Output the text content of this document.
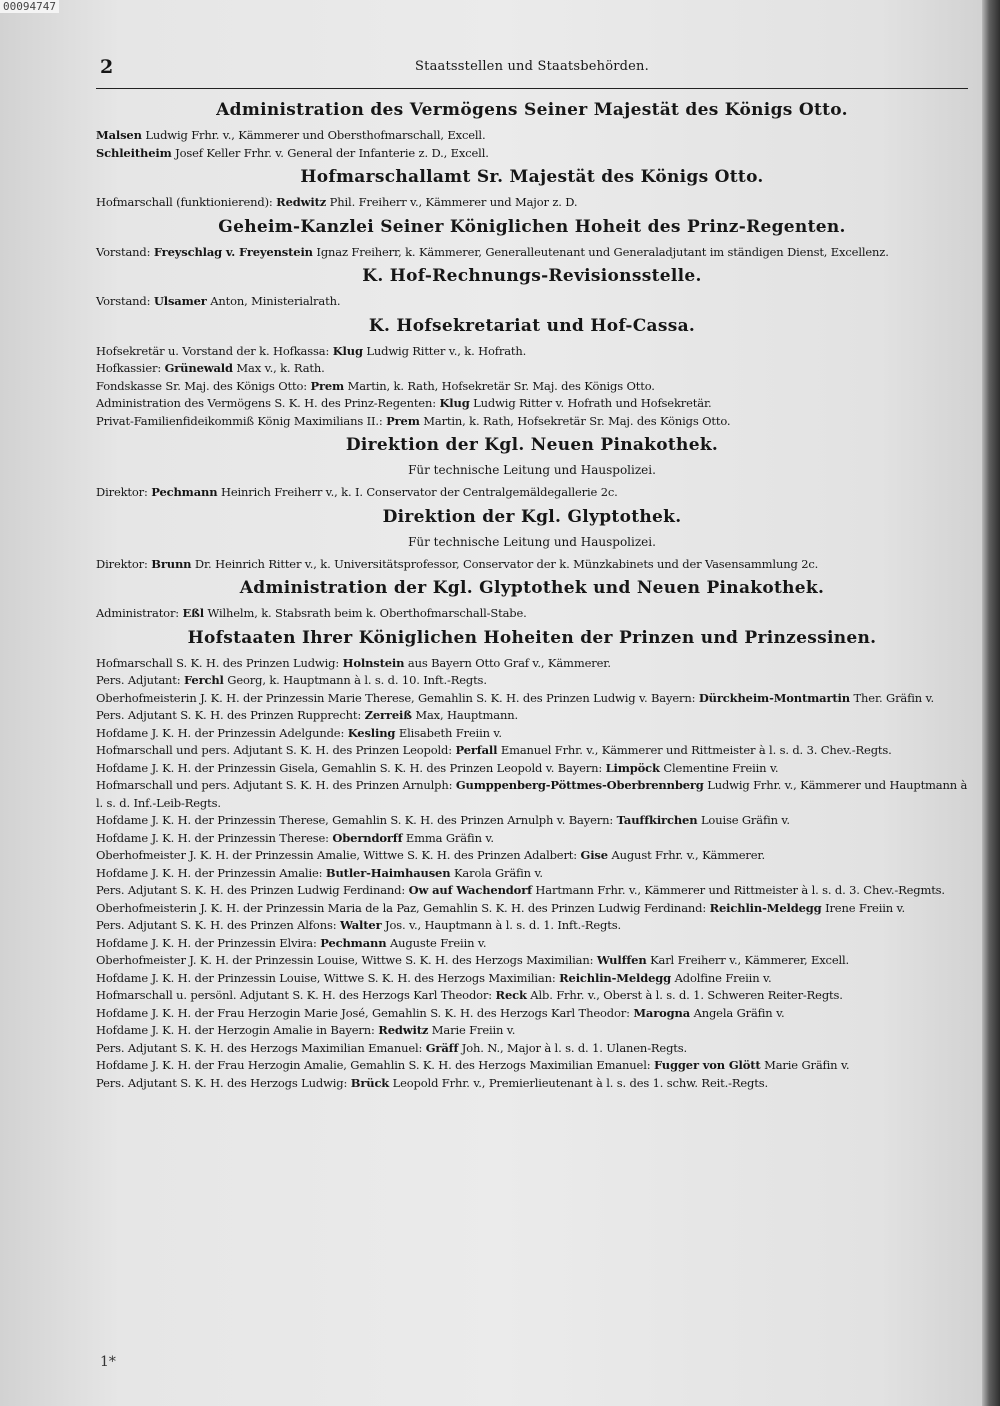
00094747
2	Staatsstellen und Staatsbehörden.
Administration des Vermögens Seiner Majestät des Königs Otto.

Malsen Ludwig Frhr. v., Kämmerer und Obersthofmarschall, Excell.

Schleitheim Josef Keller Frhr. v. General der Infanterie z. D., Excell.

Hofmarschallamt Sr. Majestät des Königs Otto.

Hofmarschall (funktionierend): Redwitz Phil. Freiherr v., Kämmerer und Major z. D.

Geheim-Kanzlei Seiner Königlichen Hoheit des Prinz-Regenten.

Vorstand: Freyschlag v. Freyenstein Ignaz Freiherr, k. Kämmerer, Generalleutenant und Generaladjutant im ständigen Dienst, Excellenz.

K. Hof-Rechnungs-Revisionsstelle.

Vorstand: Ulsamer Anton, Ministerialrath.

K. Hofsekretariat und Hof-Cassa.

Hofsekretär u. Vorstand der k. Hofkassa: Klug Ludwig Ritter v., k. Hofrath.

Hofkassier: Grünewald Max v., k. Rath.

Fondskasse Sr. Maj. des Königs Otto: Prem Martin, k. Rath, Hofsekretär Sr. Maj. des Königs Otto.

Administration des Vermögens S. K. H. des Prinz-Regenten: Klug Ludwig Ritter v. Hofrath und Hofsekretär.

Privat-Familienfideikommiß König Maximilians II.: Prem Martin, k. Rath, Hofsekretär Sr. Maj. des Königs Otto.

Direktion der Kgl. Neuen Pinakothek.
Für technische Leitung und Hauspolizei.

Direktor: Pechmann Heinrich Freiherr v., k. I. Conservator der Centralgemäldegallerie 2c.

Direktion der Kgl. Glyptothek.
Für technische Leitung und Hauspolizei.

Direktor: Brunn Dr. Heinrich Ritter v., k. Universitätsprofessor, Conservator der k. Münzkabinets und der Vasensammlung 2c.

Administration der Kgl. Glyptothek und Neuen Pinakothek.

Administrator: Eßl Wilhelm, k. Stabsrath beim k. Oberthofmarschall-Stabe.

Hofstaaten Ihrer Königlichen Hoheiten der Prinzen und Prinzessinen.

Hofmarschall S. K. H. des Prinzen Ludwig: Holnstein aus Bayern Otto Graf v., Kämmerer.

Pers. Adjutant: Ferchl Georg, k. Hauptmann à l. s. d. 10. Inft.-Regts.

Oberhofmeisterin J. K. H. der Prinzessin Marie Therese, Gemahlin S. K. H. des Prinzen Ludwig v. Bayern: Dürckheim-Montmartin Ther. Gräfin v.

Pers. Adjutant S. K. H. des Prinzen Rupprecht: Zerreiß Max, Hauptmann.

Hofdame J. K. H. der Prinzessin Adelgunde: Kesling Elisabeth Freiin v.

Hofmarschall und pers. Adjutant S. K. H. des Prinzen Leopold: Perfall Emanuel Frhr. v., Kämmerer und Rittmeister à l. s. d. 3. Chev.-Regts.

Hofdame J. K. H. der Prinzessin Gisela, Gemahlin S. K. H. des Prinzen Leopold v. Bayern: Limpöck Clementine Freiin v.

Hofmarschall und pers. Adjutant S. K. H. des Prinzen Arnulph: Gumppenberg-Pöttmes-Oberbrennberg Ludwig Frhr. v., Kämmerer und Hauptmann à l. s. d. Inf.-Leib-Regts.

Hofdame J. K. H. der Prinzessin Therese, Gemahlin S. K. H. des Prinzen Arnulph v. Bayern: Tauffkirchen Louise Gräfin v.

Hofdame J. K. H. der Prinzessin Therese: Oberndorff Emma Gräfin v.

Oberhofmeister J. K. H. der Prinzessin Amalie, Wittwe S. K. H. des Prinzen Adalbert: Gise August Frhr. v., Kämmerer.

Hofdame J. K. H. der Prinzessin Amalie: Butler-Haimhausen Karola Gräfin v.

Pers. Adjutant S. K. H. des Prinzen Ludwig Ferdinand: Ow auf Wachendorf Hartmann Frhr. v., Kämmerer und Rittmeister à l. s. d. 3. Chev.-Regmts.

Oberhofmeisterin J. K. H. der Prinzessin Maria de la Paz, Gemahlin S. K. H. des Prinzen Ludwig Ferdinand: Reichlin-Meldegg Irene Freiin v.

Pers. Adjutant S. K. H. des Prinzen Alfons: Walter Jos. v., Hauptmann à l. s. d. 1. Inft.-Regts.

Hofdame J. K. H. der Prinzessin Elvira: Pechmann Auguste Freiin v.

Oberhofmeister J. K. H. der Prinzessin Louise, Wittwe S. K. H. des Herzogs Maximilian: Wulffen Karl Freiherr v., Kämmerer, Excell.

Hofdame J. K. H. der Prinzessin Louise, Wittwe S. K. H. des Herzogs Maximilian: Reichlin-Meldegg Adolfine Freiin v.

Hofmarschall u. persönl. Adjutant S. K. H. des Herzogs Karl Theodor: Reck Alb. Frhr. v., Oberst à l. s. d. 1. Schweren Reiter-Regts.

Hofdame J. K. H. der Frau Herzogin Marie José, Gemahlin S. K. H. des Herzogs Karl Theodor: Marogna Angela Gräfin v.

Hofdame J. K. H. der Herzogin Amalie in Bayern: Redwitz Marie Freiin v.

Pers. Adjutant S. K. H. des Herzogs Maximilian Emanuel: Gräff Joh. N., Major à l. s. d. 1. Ulanen-Regts.

Hofdame J. K. H. der Frau Herzogin Amalie, Gemahlin S. K. H. des Herzogs Maximilian Emanuel: Fugger von Glött Marie Gräfin v.

Pers. Adjutant S. K. H. des Herzogs Ludwig: Brück Leopold Frhr. v., Premierlieutenant à l. s. des 1. schw. Reit.-Regts.

1*
